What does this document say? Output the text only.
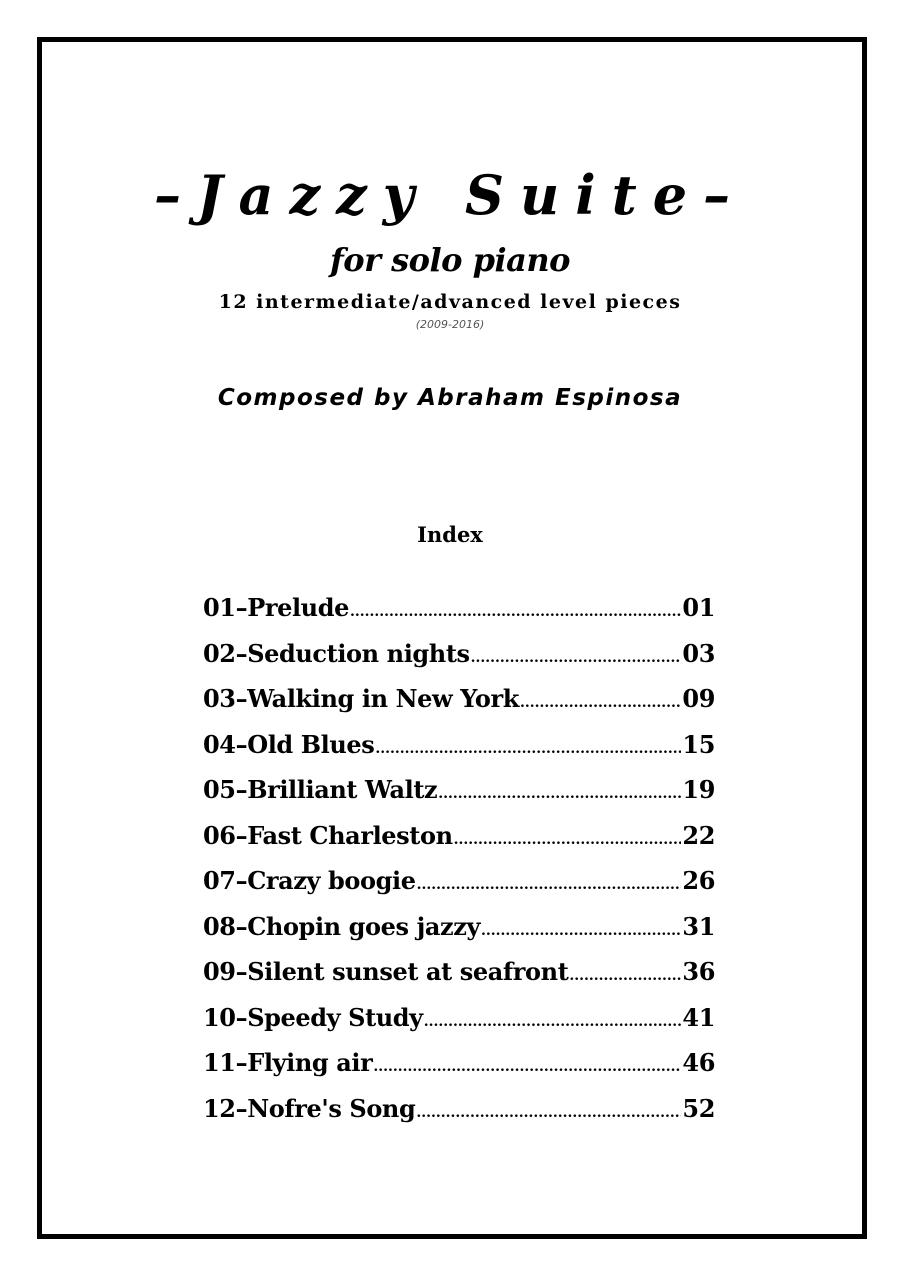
–Jazzy Suite–
for solo piano
12 intermediate/advanced level pieces
(2009-2016)
Composed by Abraham Espinosa
Index
01–Prelude .....	01
02–Seduction nights .....	03
03–Walking in New York .....	09
04–Old Blues .....	15
05–Brilliant Waltz .....	19
06–Fast Charleston .....	22
07–Crazy boogie .....	26
08–Chopin goes jazzy .....	31
09–Silent sunset at seafront .....	36
10–Speedy Study .....	41
11–Flying air .....	46
12–Nofre's Song .....	52
